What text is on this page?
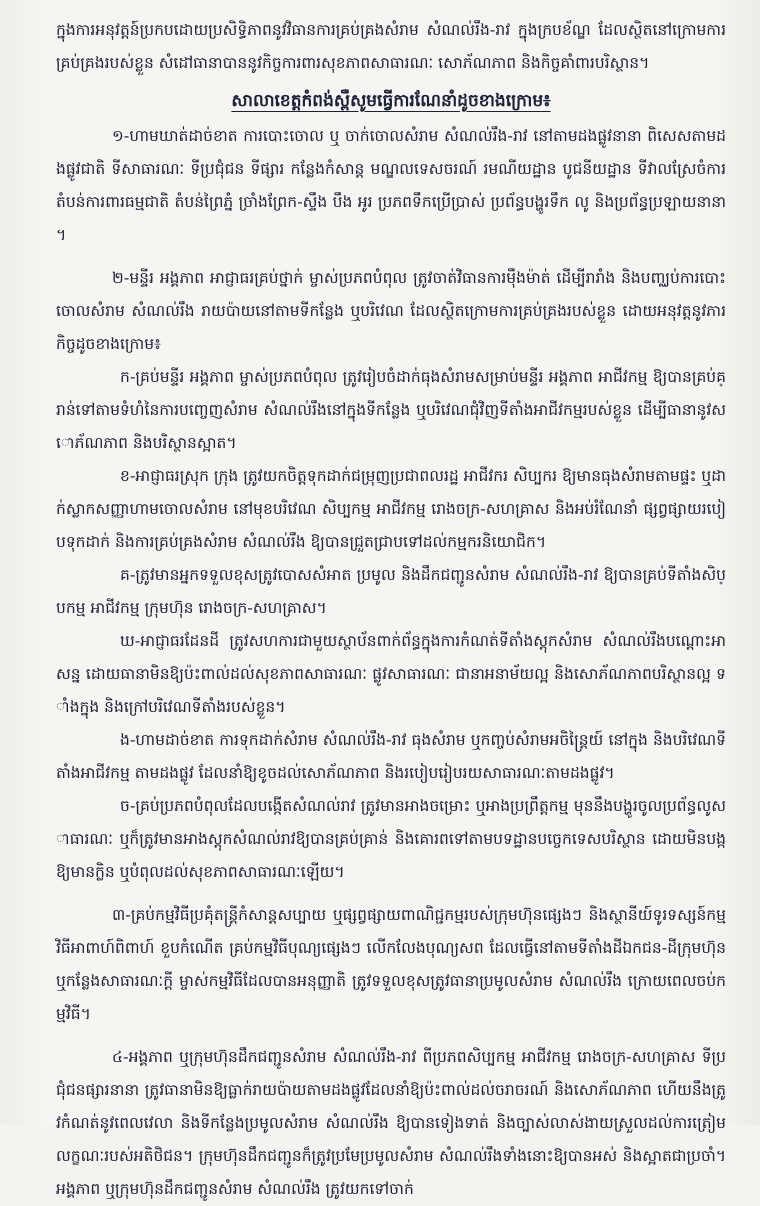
ក្នុងការអនុវត្តន៍ប្រកបដោយប្រសិទ្ធិភាពនូវវិធានការគ្រប់គ្រងសំរាម សំណល់រឹង-រាវ ក្នុងក្របខ័ណ្ឌ ដែលស្ថិតនៅក្រោមការគ្រប់គ្រងរបស់ខ្លួន សំដៅធានាបាននូវកិច្ចការពារសុខភាពសាធារណៈ សោភ័ណភាព និងកិច្ចគាំពារបរិស្ថាន។

សាលាខេត្តកំពង់ស្ពឺសូមធ្វើការណែនាំដូចខាងក្រោម៖

១-ហាមឃាត់ដាច់ខាត ការបោះចោល ឬ ចាក់ចោលសំរាម សំណល់រឹង-រាវ នៅតាមដងផ្លូវនានា ពិសេសតាមដងផ្លូវជាតិ ទីសាធារណៈ ទីប្រជុំជន ទីផ្សារ កន្លែងកំសាន្ត មណ្ឌលទេសចរណ៍ រមណីយដ្ឋាន បូជនីយដ្ឋាន ទីវាលស្រែចំការ តំបន់ការពារធម្មជាតិ តំបន់ព្រៃភ្នំ ច្រាំងព្រែក-ស្ទឹង បឹង អូរ ប្រភពទឹកប្រើប្រាស់ ប្រព័ន្ធបង្ហូរទឹក លូ និងប្រព័ន្ធប្រឡាយនានា។

២-មន្ទីរ អង្គភាព អាជ្ញាធរគ្រប់ថ្នាក់ ម្ចាស់ប្រភពបំពុល ត្រូវចាត់វិធានការម៉ឺងម៉ាត់ ដើម្បីរារាំង និងបញ្ឈប់ការបោះចោលសំរាម សំណល់រឹង រាយប៉ាយនៅតាមទីកន្លែង ឬបរិវេណ ដែលស្ថិតក្រោមការគ្រប់គ្រងរបស់ខ្លួន ដោយអនុវត្តនូវភារកិច្ចដូចខាងក្រោម៖

ក-គ្រប់មន្ទីរ អង្គភាព ម្ចាស់ប្រភពបំពុល ត្រូវរៀបចំដាក់ធុងសំរាមសម្រាប់មន្ទីរ អង្គភាព អាជីវកម្ម ឱ្យបានគ្រប់គ្រាន់ទៅតាមទំហំនៃការបញ្ចេញសំរាម សំណល់រឹងនៅក្នុងទីកន្លែង ឬបរិវេណជុំវិញទីតាំងអាជីវកម្មរបស់ខ្លួន ដើម្បីធានានូវសោភ័ណភាព និងបរិស្ថានស្អាត។

ខ-អាជ្ញាធរស្រុក ក្រុង ត្រូវយកចិត្តទុកដាក់ជម្រុញប្រជាពលរដ្ឋ អាជីវករ សិប្បករ ឱ្យមានធុងសំរាមតាមផ្ទះ ឬដាក់ស្លាកសញ្ញាហាមចោលសំរាម នៅមុខបរិវេណ សិប្បកម្ម អាជីវកម្ម រោងចក្រ-សហគ្រាស និងអប់រំណែនាំ ផ្សព្វផ្សាយរបៀបទុកដាក់ និងការគ្រប់គ្រងសំរាម សំណល់រឹង ឱ្យបានជ្រួតជ្រាបទៅដល់កម្មករនិយោជិក។

គ-ត្រូវមានអ្នកទទួលខុសត្រូវបោសសំអាត ប្រមូល និងដឹកជញ្ជូនសំរាម សំណល់រឹង-រាវ ឱ្យបានគ្រប់ទីតាំងសិប្បកម្ម អាជីវកម្ម ក្រុមហ៊ុន រោងចក្រ-សហគ្រាស។

ឃ-អាជ្ញាធរដែនដី ត្រូវសហការជាមួយស្ថាប័នពាក់ព័ន្ធក្នុងការកំណត់ទីតាំងស្តុកសំរាម សំណល់រឹងបណ្តោះអាសន្ន ដោយធានាមិនឱ្យប៉ះពាល់ដល់សុខភាពសាធារណៈ ផ្លូវសាធារណៈ ជានាអនាម័យល្អ និងសោភ័ណភាពបរិស្ថានល្អ ទាំងក្នុង និងក្រៅបរិវេណទីតាំងរបស់ខ្លួន។

ង-ហាមដាច់ខាត ការទុកដាក់សំរាម សំណល់រឹង-រាវ ធុងសំរាម ឬកញ្ចប់សំរាមអចិន្ត្រៃយ៍ នៅក្នុង និងបរិវេណទីតាំងអាជីវកម្ម តាមដងផ្លូវ ដែលនាំឱ្យខូចដល់សោភ័ណភាព និងរបៀបរៀបរយសាធារណៈតាមដងផ្លូវ។

ច-គ្រប់ប្រភពបំពុលដែលបង្កើតសំណល់រាវ ត្រូវមានអាងចម្រោះ ឬអាងប្រព្រឹត្តកម្ម មុននឹងបង្ហូរចូលប្រព័ន្ធលូសាធារណៈ ឬក៏ត្រូវមានអាងស្តុកសំណល់រាវឱ្យបានគ្រប់គ្រាន់ និងគោរពទៅតាមបទដ្ឋានបច្ចេកទេសបរិស្ថាន ដោយមិនបង្កឱ្យមានក្លិន ឬបំពុលដល់សុខភាពសាធារណៈឡើយ។

៣-គ្រប់កម្មវិធីប្រគុំតន្ត្រីកំសាន្តសប្បាយ ឬផ្សព្វផ្សាយពាណិជ្ជកម្មរបស់ក្រុមហ៊ុនផ្សេងៗ និងស្ថានីយ៍ទូរទស្សន៍កម្មវិធីអាពាហ៍ពិពាហ៍ ខួបកំណើត គ្រប់កម្មវិធីបុណ្យផ្សេងៗ លើកលែងបុណ្យសព ដែលធ្វើនៅតាមទីតាំងដីឯកជន-ដីក្រុមហ៊ុន ឬកន្លែងសាធារណៈក្តី ម្ចាស់កម្មវិធីដែលបានអនុញ្ញាតិ ត្រូវទទួលខុសត្រូវធានាប្រមូលសំរាម សំណល់រឹង ក្រោយពេលចប់កម្មវិធី។

៤-អង្គភាព ឬក្រុមហ៊ុនដឹកជញ្ជូនសំរាម សំណល់រឹង-រាវ ពីប្រភពសិប្បកម្ម អាជីវកម្ម រោងចក្រ-សហគ្រាស ទីប្រជុំជនផ្សារនានា ត្រូវធានាមិនឱ្យធ្លាក់រាយប៉ាយតាមដងផ្លូវដែលនាំឱ្យប៉ះពាល់ដល់ចរាចរណ៍ និងសោភ័ណភាព ហើយនឹងត្រូវកំណត់នូវពេលវេលា និងទីកន្លែងប្រមូលសំរាម សំណល់រឹង ឱ្យបានទៀងទាត់ និងច្បាស់លាស់ងាយស្រួលដល់ការត្រៀមលក្ខណៈរបស់អតិថិជន។ ក្រុមហ៊ុនដឹកជញ្ជូនក៏ត្រូវប្រមែប្រមូលសំរាម សំណល់រឹងទាំងនោះឱ្យបានអស់ និងស្អាតជាប្រចាំ។ អង្គភាព ឬក្រុមហ៊ុនដឹកជញ្ជូនសំរាម សំណល់រឹង ត្រូវយកទៅចាក់
